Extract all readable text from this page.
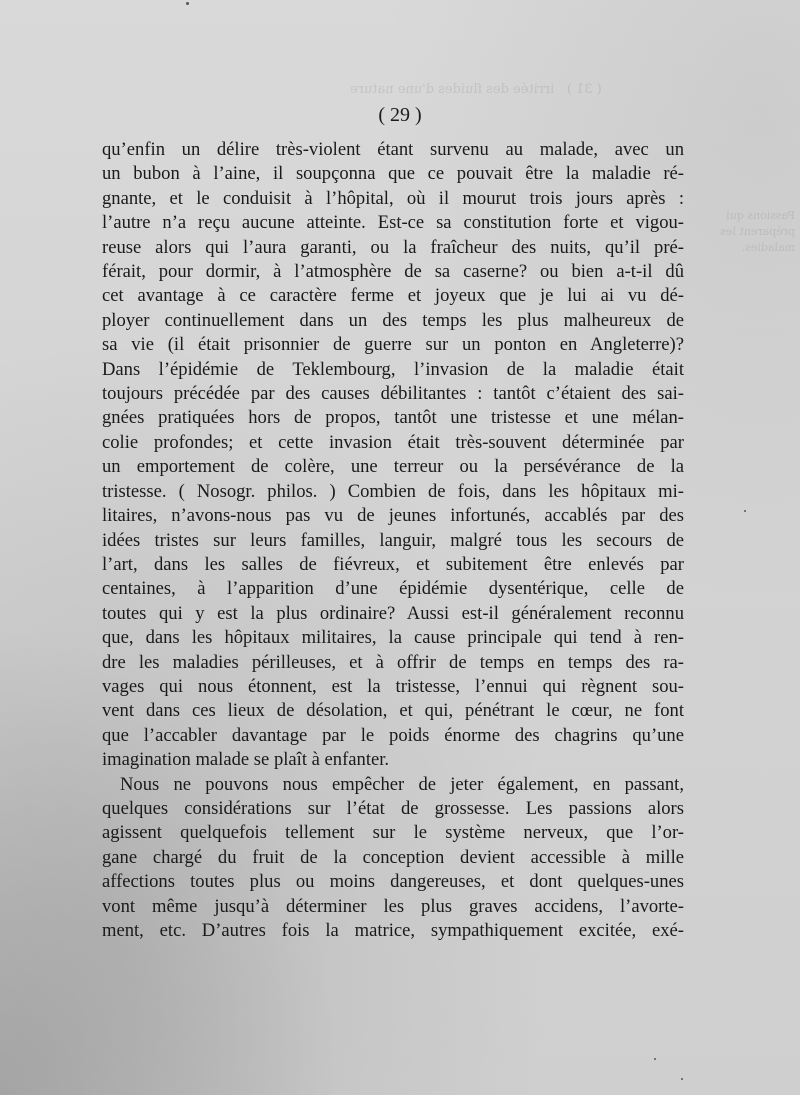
( 31 )   irritée des fluides d'une nature
Passions qui préparent les maladies.
( 29 )
qu’enfin un délire très-violent étant survenu au malade, avec un
un bubon à l’aine, il soupçonna que ce pouvait être la maladie ré-
gnante, et le conduisit à l’hôpital, où il mourut trois jours après :
l’autre n’a reçu aucune atteinte. Est-ce sa constitution forte et vigou-
reuse alors qui l’aura garanti, ou la fraîcheur des nuits, qu’il pré-
férait, pour dormir, à l’atmosphère de sa caserne? ou bien a-t-il dû
cet avantage à ce caractère ferme et joyeux que je lui ai vu dé-
ployer continuellement dans un des temps les plus malheureux de
sa vie (il était prisonnier de guerre sur un ponton en Angleterre)?
Dans l’épidémie de Teklembourg, l’invasion de la maladie était
toujours précédée par des causes débilitantes : tantôt c’étaient des sai-
gnées pratiquées hors de propos, tantôt une tristesse et une mélan-
colie profondes; et cette invasion était très-souvent déterminée par
un emportement de colère, une terreur ou la persévérance de la
tristesse. ( Nosogr. philos. ) Combien de fois, dans les hôpitaux mi-
litaires, n’avons-nous pas vu de jeunes infortunés, accablés par des
idées tristes sur leurs familles, languir, malgré tous les secours de
l’art, dans les salles de fiévreux, et subitement être enlevés par
centaines, à l’apparition d’une épidémie dysentérique, celle de
toutes qui y est la plus ordinaire? Aussi est-il généralement reconnu
que, dans les hôpitaux militaires, la cause principale qui tend à ren-
dre les maladies périlleuses, et à offrir de temps en temps des ra-
vages qui nous étonnent, est la tristesse, l’ennui qui règnent sou-
vent dans ces lieux de désolation, et qui, pénétrant le cœur, ne font
que l’accabler davantage par le poids énorme des chagrins qu’une
imagination malade se plaît à enfanter.
Nous ne pouvons nous empêcher de jeter également, en passant,
quelques considérations sur l’état de grossesse. Les passions alors
agissent quelquefois tellement sur le système nerveux, que l’or-
gane chargé du fruit de la conception devient accessible à mille
affections toutes plus ou moins dangereuses, et dont quelques-unes
vont même jusqu’à déterminer les plus graves accidens, l’avorte-
ment, etc. D’autres fois la matrice, sympathiquement excitée, exé-
